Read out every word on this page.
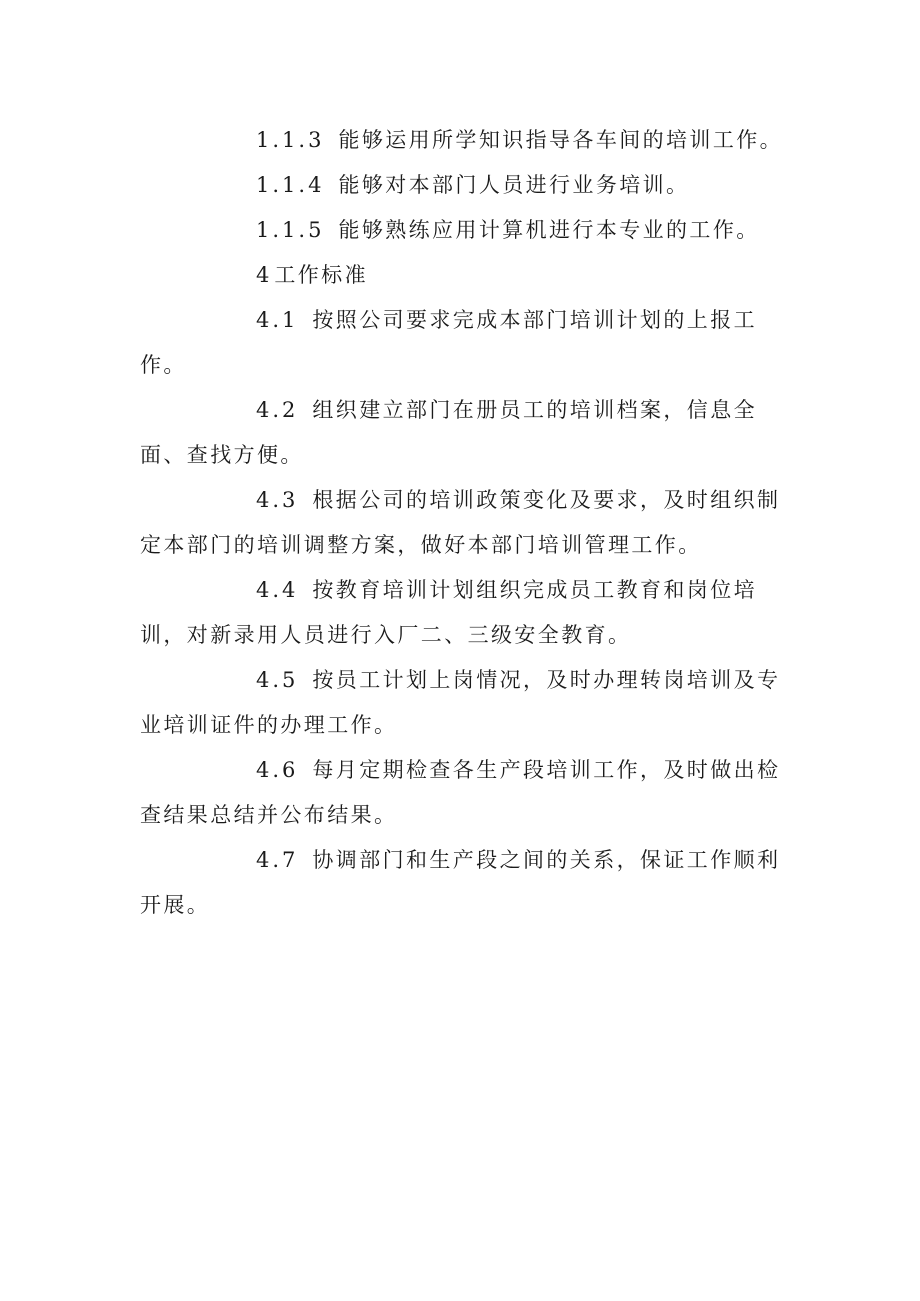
1.1.3 能够运用所学知识指导各车间的培训工作。

1.1.4 能够对本部门人员进行业务培训。

1.1.5 能够熟练应用计算机进行本专业的工作。

4工作标准

4.1 按照公司要求完成本部门培训计划的上报工作。

4.2 组织建立部门在册员工的培训档案，信息全面、查找方便。

4.3 根据公司的培训政策变化及要求，及时组织制定本部门的培训调整方案，做好本部门培训管理工作。

4.4 按教育培训计划组织完成员工教育和岗位培训，对新录用人员进行入厂二、三级安全教育。

4.5 按员工计划上岗情况，及时办理转岗培训及专业培训证件的办理工作。

4.6 每月定期检查各生产段培训工作，及时做出检查结果总结并公布结果。

4.7 协调部门和生产段之间的关系，保证工作顺利开展。
